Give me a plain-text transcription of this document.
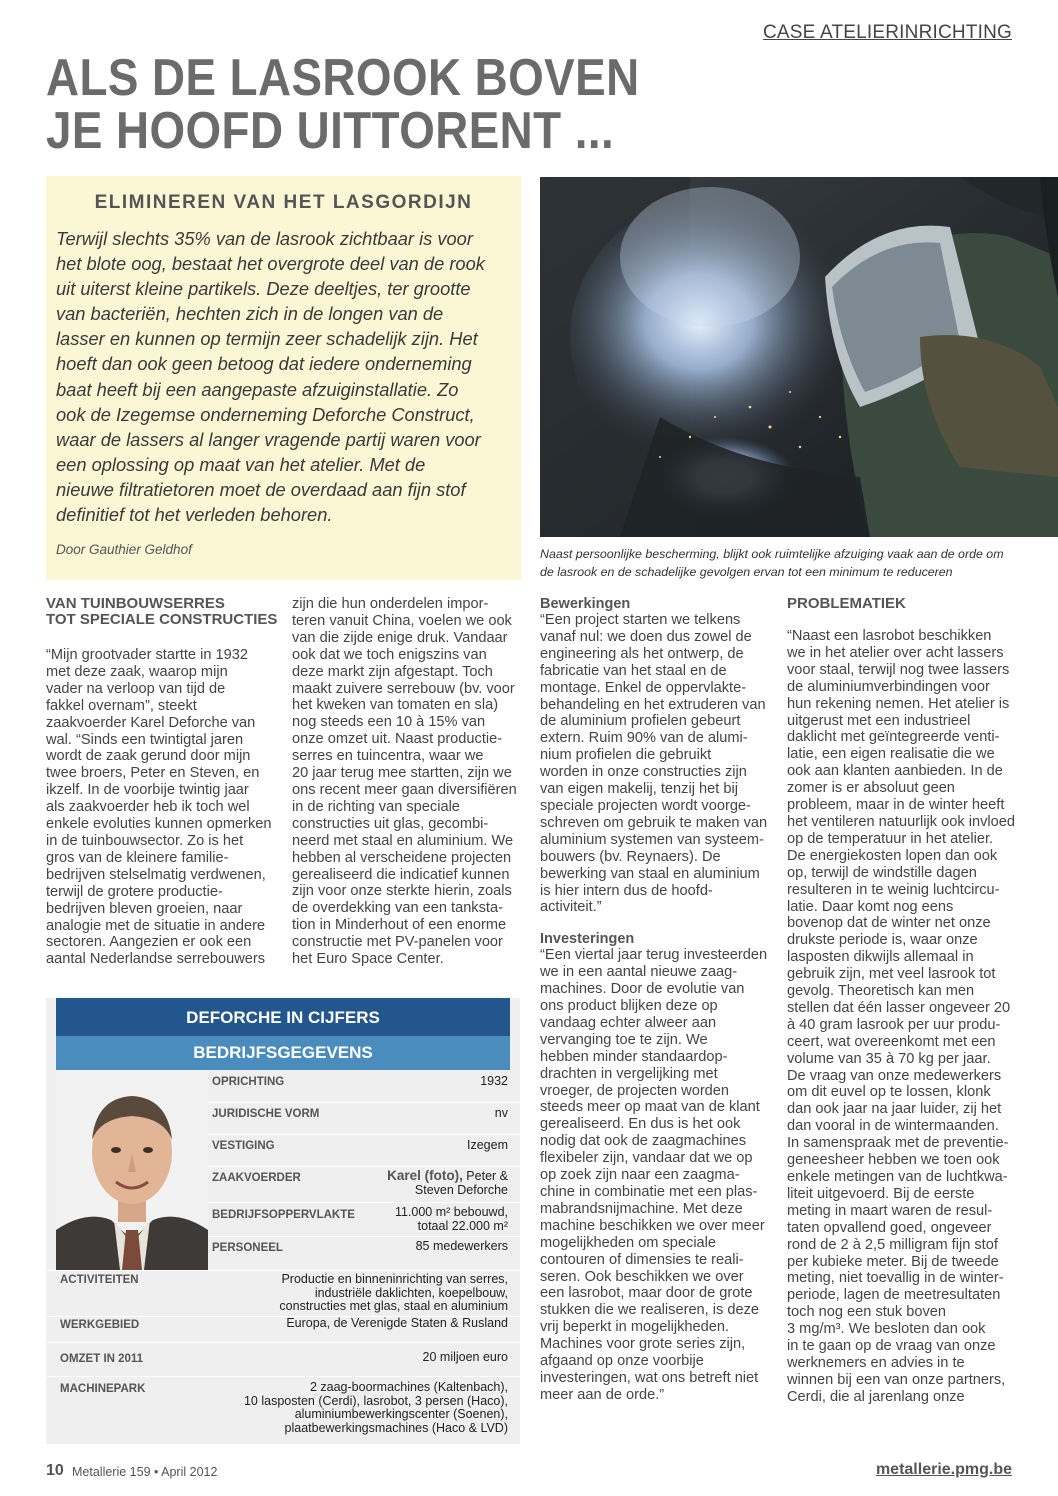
CASE ATELIERINRICHTING
ALS DE LASROOK BOVEN
JE HOOFD UITTORENT ...
ELIMINEREN VAN HET LASGORDIJN
Terwijl slechts 35% van de lasrook zichtbaar is voor
het blote oog, bestaat het overgrote deel van de rook
uit uiterst kleine partikels. Deze deeltjes, ter grootte
van bacteriën, hechten zich in de longen van de
lasser en kunnen op termijn zeer schadelijk zijn. Het
hoeft dan ook geen betoog dat iedere onderneming
baat heeft bij een aangepaste afzuiginstallatie. Zo
ook de Izegemse onderneming Deforche Construct,
waar de lassers al langer vragende partij waren voor
een oplossing op maat van het atelier. Met de
nieuwe filtratietoren moet de overdaad aan fijn stof
definitief tot het verleden behoren.
Door Gauthier Geldhof	Naast persoonlijke bescherming, blijkt ook ruimtelijke afzuiging vaak aan de orde om
de lasrook en de schadelijke gevolgen ervan tot een minimum te reduceren
VAN TUINBOUWSERRES
TOT SPECIALE CONSTRUCTIES
“Mijn grootvader startte in 1932
met deze zaak, waarop mijn
vader na verloop van tijd de
fakkel overnam”, steekt
zaakvoerder Karel Deforche van
wal. “Sinds een twintigtal jaren
wordt de zaak gerund door mijn
twee broers, Peter en Steven, en
ikzelf. In de voorbije twintig jaar
als zaakvoerder heb ik toch wel
enkele evoluties kunnen opmerken
in de tuinbouwsector. Zo is het
gros van de kleinere familie-
bedrijven stelselmatig verdwenen,
terwijl de grotere productie-
bedrijven bleven groeien, naar
analogie met de situatie in andere
sectoren. Aangezien er ook een
aantal Nederlandse serrebouwers
zijn die hun onderdelen impor-
teren vanuit China, voelen we ook
van die zijde enige druk. Vandaar
ook dat we toch enigszins van
deze markt zijn afgestapt. Toch
maakt zuivere serrebouw (bv. voor
het kweken van tomaten en sla)
nog steeds een 10 à 15% van
onze omzet uit. Naast productie-
serres en tuincentra, waar we
20 jaar terug mee startten, zijn we
ons recent meer gaan diversifiëren
in de richting van speciale
constructies uit glas, gecombi-
neerd met staal en aluminium. We
hebben al verscheidene projecten
gerealiseerd die indicatief kunnen
zijn voor onze sterkte hierin, zoals
de overdekking van een tanksta-
tion in Minderhout of een enorme
constructie met PV-panelen voor
het Euro Space Center.
Bewerkingen
“Een project starten we telkens
vanaf nul: we doen dus zowel de
engineering als het ontwerp, de
fabricatie van het staal en de
montage. Enkel de oppervlakte-
behandeling en het extruderen van
de aluminium profielen gebeurt
extern. Ruim 90% van de alumi-
nium profielen die gebruikt
worden in onze constructies zijn
van eigen makelij, tenzij het bij
speciale projecten wordt voorge-
schreven om gebruik te maken van
aluminium systemen van systeem-
bouwers (bv. Reynaers). De
bewerking van staal en aluminium
is hier intern dus de hoofd-
activiteit.”
Investeringen
“Een viertal jaar terug investeerden
we in een aantal nieuwe zaag-
machines. Door de evolutie van
ons product blijken deze op
vandaag echter alweer aan
vervanging toe te zijn. We
hebben minder standaardop-
drachten in vergelijking met
vroeger, de projecten worden
steeds meer op maat van de klant
gerealiseerd. En dus is het ook
nodig dat ook de zaagmachines
flexibeler zijn, vandaar dat we op
op zoek zijn naar een zaagma-
chine in combinatie met een plas-
mabrandsnijmachine. Met deze
machine beschikken we over meer
mogelijkheden om speciale
contouren of dimensies te reali-
seren. Ook beschikken we over
een lasrobot, maar door de grote
stukken die we realiseren, is deze
vrij beperkt in mogelijkheden.
Machines voor grote series zijn,
afgaand op onze voorbije
investeringen, wat ons betreft niet
meer aan de orde.”
PROBLEMATIEK
“Naast een lasrobot beschikken
we in het atelier over acht lassers
voor staal, terwijl nog twee lassers
de aluminiumverbindingen voor
hun rekening nemen. Het atelier is
uitgerust met een industrieel
daklicht met geïntegreerde venti-
latie, een eigen realisatie die we
ook aan klanten aanbieden. In de
zomer is er absoluut geen
probleem, maar in de winter heeft
het ventileren natuurlijk ook invloed
op de temperatuur in het atelier.
De energiekosten lopen dan ook
op, terwijl de windstille dagen
resulteren in te weinig luchtcircu-
latie. Daar komt nog eens
bovenop dat de winter net onze
drukste periode is, waar onze
lasposten dikwijls allemaal in
gebruik zijn, met veel lasrook tot
gevolg. Theoretisch kan men
stellen dat één lasser ongeveer 20
à 40 gram lasrook per uur produ-
ceert, wat overeenkomt met een
volume van 35 à 70 kg per jaar.
De vraag van onze medewerkers
om dit euvel op te lossen, klonk
dan ook jaar na jaar luider, zij het
dan vooral in de wintermaanden.
In samenspraak met de preventie-
geneesheer hebben we toen ook
enkele metingen van de luchtkwa-
liteit uitgevoerd. Bij de eerste
meting in maart waren de resul-
taten opvallend goed, ongeveer
rond de 2 à 2,5 milligram fijn stof
per kubieke meter. Bij de tweede
meting, niet toevallig in de winter-
periode, lagen de meetresultaten
toch nog een stuk boven
3 mg/m³. We besloten dan ook
in te gaan op de vraag van onze
werknemers en advies in te
winnen bij een van onze partners,
Cerdi, die al jarenlang onze
DEFORCHE IN CIJFERS
BEDRIJFSGEGEVENS
OPRICHTING	1932
JURIDISCHE VORM	nv
VESTIGING	Izegem
ZAAKVOERDER	Karel (foto), Peter &
Steven Deforche
BEDRIJFSOPPERVLAKTE	11.000 m² bebouwd,
totaal 22.000 m²
PERSONEEL	85 medewerkers
ACTIVITEITEN	Productie en binneninrichting van serres,
industriële daklichten, koepelbouw,
constructies met glas, staal en aluminium
WERKGEBIED	Europa, de Verenigde Staten & Rusland
OMZET IN 2011	20 miljoen euro
MACHINEPARK	2 zaag-boormachines (Kaltenbach),
10 lasposten (Cerdi), lasrobot, 3 persen (Haco),
aluminiumbewerkingscenter (Soenen),
plaatbewerkingsmachines (Haco & LVD)
10 Metallerie 159 • April 2012	metallerie.pmg.be
